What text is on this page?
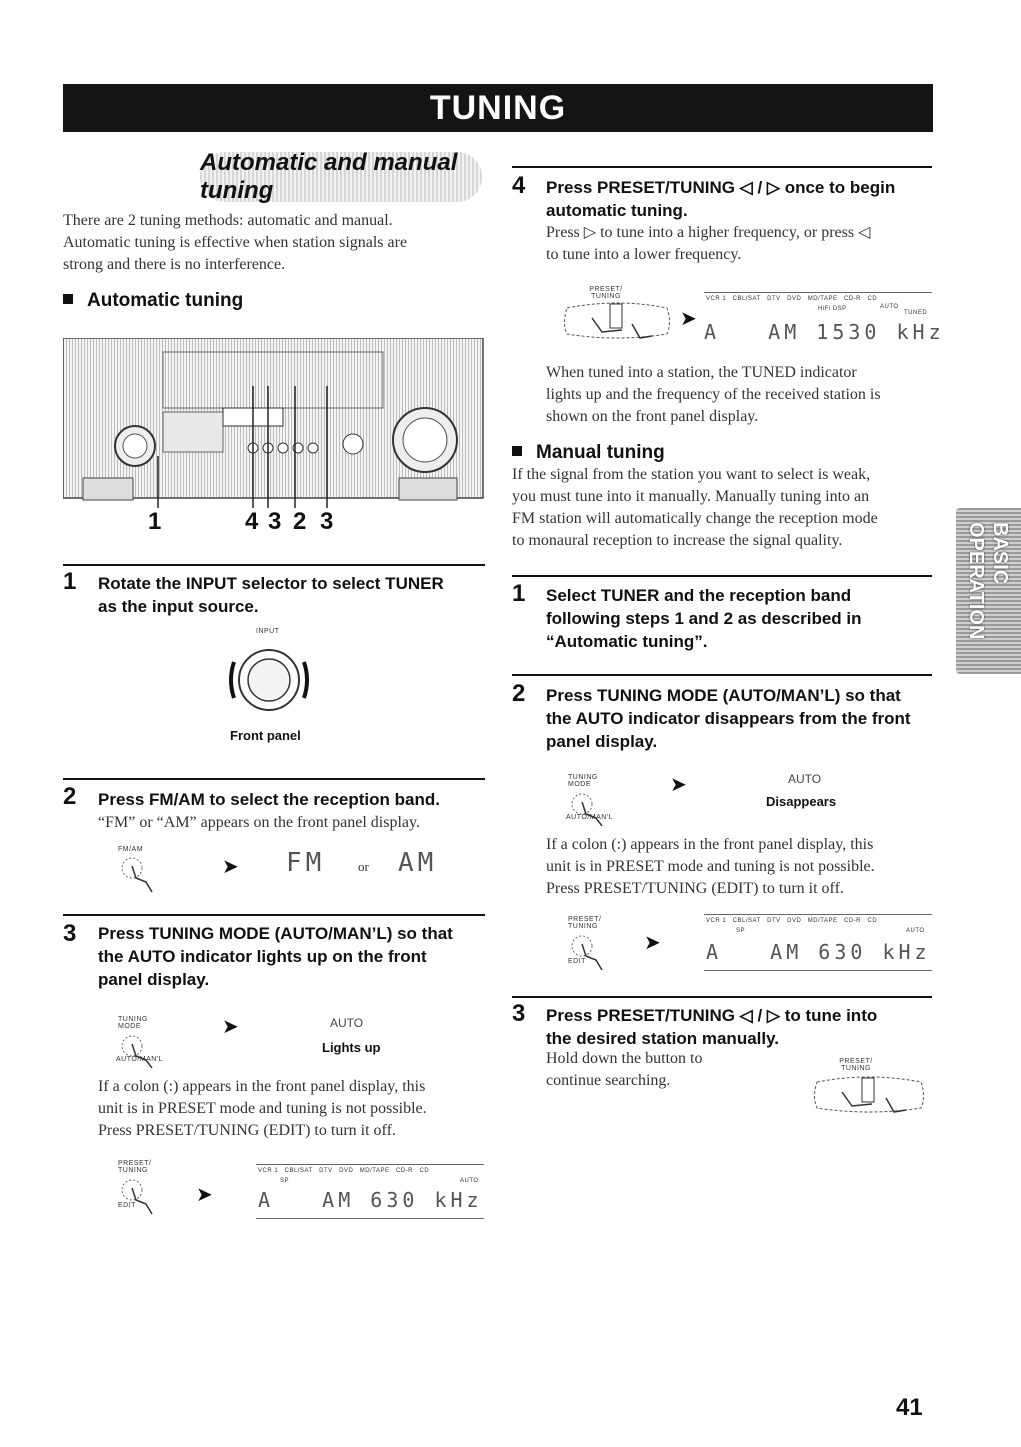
TUNING
Automatic and manual tuning
There are 2 tuning methods: automatic and manual.
Automatic tuning is effective when station signals are
strong and there is no interference.
Automatic tuning
1	4 3 2 3
1 Rotate the INPUT selector to select TUNER
as the input source.
INPUT
Front panel
2 Press FM/AM to select the reception band.
“FM” or “AM” appears on the front panel display.
FM/AM
➤ FM	or AM
3 Press TUNING MODE (AUTO/MAN’L) so that
the AUTO indicator lights up on the front
panel display.
TUNING MODE
AUTO/MAN'L
➤	AUTO
Lights up
If a colon (:) appears in the front panel display, this
unit is in PRESET mode and tuning is not possible.
Press PRESET/TUNING (EDIT) to turn it off.
PRESET/ TUNING
EDIT	➤
VCR 1   CBL/SAT   DTV   DVD   MD/TAPE   CD-R   CD
SP	AUTO
A   AM 630 kHz
4 Press PRESET/TUNING ◁ / ▷ once to begin
automatic tuning.
Press ▷ to tune into a higher frequency, or press ◁
to tune into a lower frequency.
PRESET/ TUNING
➤
VCR 1   CBL/SAT   DTV   DVD   MD/TAPE   CD-R   CD
HiFi DSP	AUTO
TUNED
A   AM 1530 kHz
When tuned into a station, the TUNED indicator
lights up and the frequency of the received station is
shown on the front panel display.
Manual tuning
If the signal from the station you want to select is weak,
you must tune into it manually. Manually tuning into an
FM station will automatically change the reception mode
to monaural reception to increase the signal quality.
1 Select TUNER and the reception band
following steps 1 and 2 as described in
“Automatic tuning”.
2 Press TUNING MODE (AUTO/MAN’L) so that
the AUTO indicator disappears from the front
panel display.
TUNING MODE
AUTO/MAN'L
➤	AUTO
Disappears
If a colon (:) appears in the front panel display, this
unit is in PRESET mode and tuning is not possible.
Press PRESET/TUNING (EDIT) to turn it off.
PRESET/ TUNING
EDIT
➤
VCR 1   CBL/SAT   DTV   DVD   MD/TAPE   CD-R   CD
SP	AUTO
A   AM 630 kHz
3 Press PRESET/TUNING ◁ / ▷ to tune into
the desired station manually.
Hold down the button to
continue searching.
PRESET/ TUNING
BASIC
OPERATION
41
